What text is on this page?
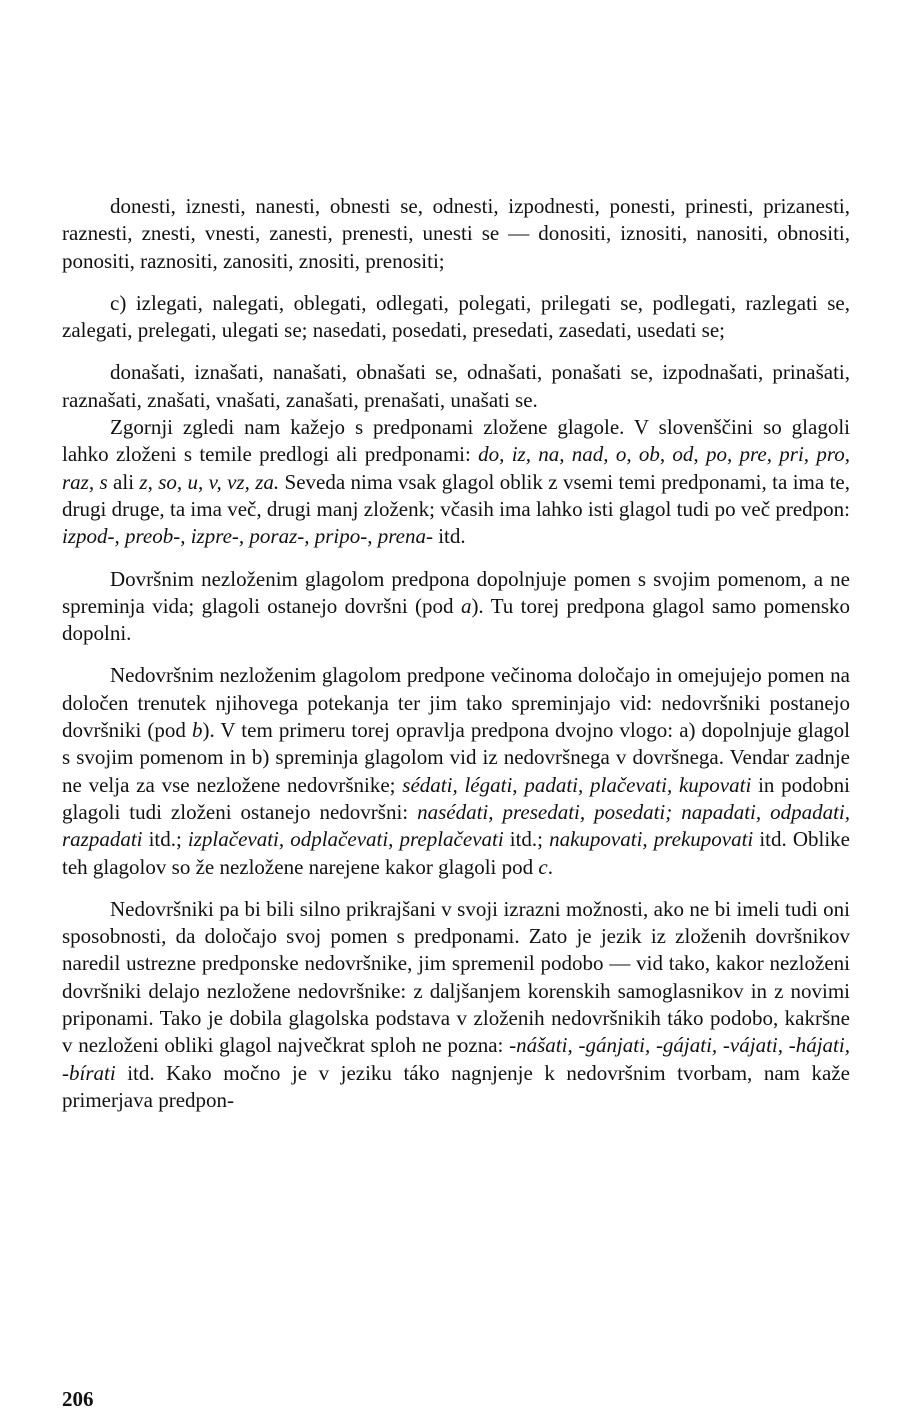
donesti, iznesti, nanesti, obnesti se, odnesti, izpodnesti, ponesti, prinesti, prizanesti, raznesti, znesti, vnesti, zanesti, prenesti, unesti se — donositi, iznositi, nanositi, obnositi, ponositi, raznositi, zanositi, znositi, prenositi;

c) izlegati, nalegati, oblegati, odlegati, polegati, prilegati se, podlegati, razlegati se, zalegati, prelegati, ulegati se; nasedati, posedati, presedati, zasedati, usedati se;

donašati, iznašati, nanašati, obnašati se, odnašati, ponašati se, izpodnašati, prinašati, raznašati, znašati, vnašati, zanašati, prenašati, unašati se.

Zgornji zgledi nam kažejo s predponami zložene glagole. V slovenščini so glagoli lahko zloženi s temile predlogi ali predponami: do, iz, na, nad, o, ob, od, po, pre, pri, pro, raz, s ali z, so, u, v, vz, za. Seveda nima vsak glagol oblik z vsemi temi predponami, ta ima te, drugi druge, ta ima več, drugi manj zloženk; včasih ima lahko isti glagol tudi po več predpon: izpod-, preob-, izpre-, poraz-, pripo-, prena- itd.

Dovršnim nezloženim glagolom predpona dopolnjuje pomen s svojim pomenom, a ne spreminja vida; glagoli ostanejo dovršni (pod a). Tu torej predpona glagol samo pomensko dopolni.

Nedovršnim nezloženim glagolom predpone večinoma določajo in omejujejo pomen na določen trenutek njihovega potekanja ter jim tako spreminjajo vid: nedovršniki postanejo dovršniki (pod b). V tem primeru torej opravlja predpona dvojno vlogo: a) dopolnjuje glagol s svojim pomenom in b) spreminja glagolom vid iz nedovršnega v dovršnega. Vendar zadnje ne velja za vse nezložene nedovršnike; sédati, légati, padati, plačevati, kupovati in podobni glagoli tudi zloženi ostanejo nedovršni: nasédati, presedati, posedati; napadati, odpadati, razpadati itd.; izplačevati, odplačevati, preplačevati itd.; nakupovati, prekupovati itd. Oblike teh glagolov so že nezložene narejene kakor glagoli pod c.

Nedovršniki pa bi bili silno prikrajšani v svoji izrazni možnosti, ako ne bi imeli tudi oni sposobnosti, da določajo svoj pomen s predponami. Zato je jezik iz zloženih dovršnikov naredil ustrezne predponske nedovršnike, jim spremenil podobo — vid tako, kakor nezloženi dovršniki delajo nezložene nedovršnike: z daljšanjem korenskih samoglasnikov in z novimi priponami. Tako je dobila glagolska podstava v zloženih nedovršnikih táko podobo, kakršne v nezloženi obliki glagol največkrat sploh ne pozna: -nášati, -gánjati, -gájati, -vájati, -hájati, -bírati itd. Kako močno je v jeziku táko nagnjenje k nedovršnim tvorbam, nam kaže primerjava predpon-

206
